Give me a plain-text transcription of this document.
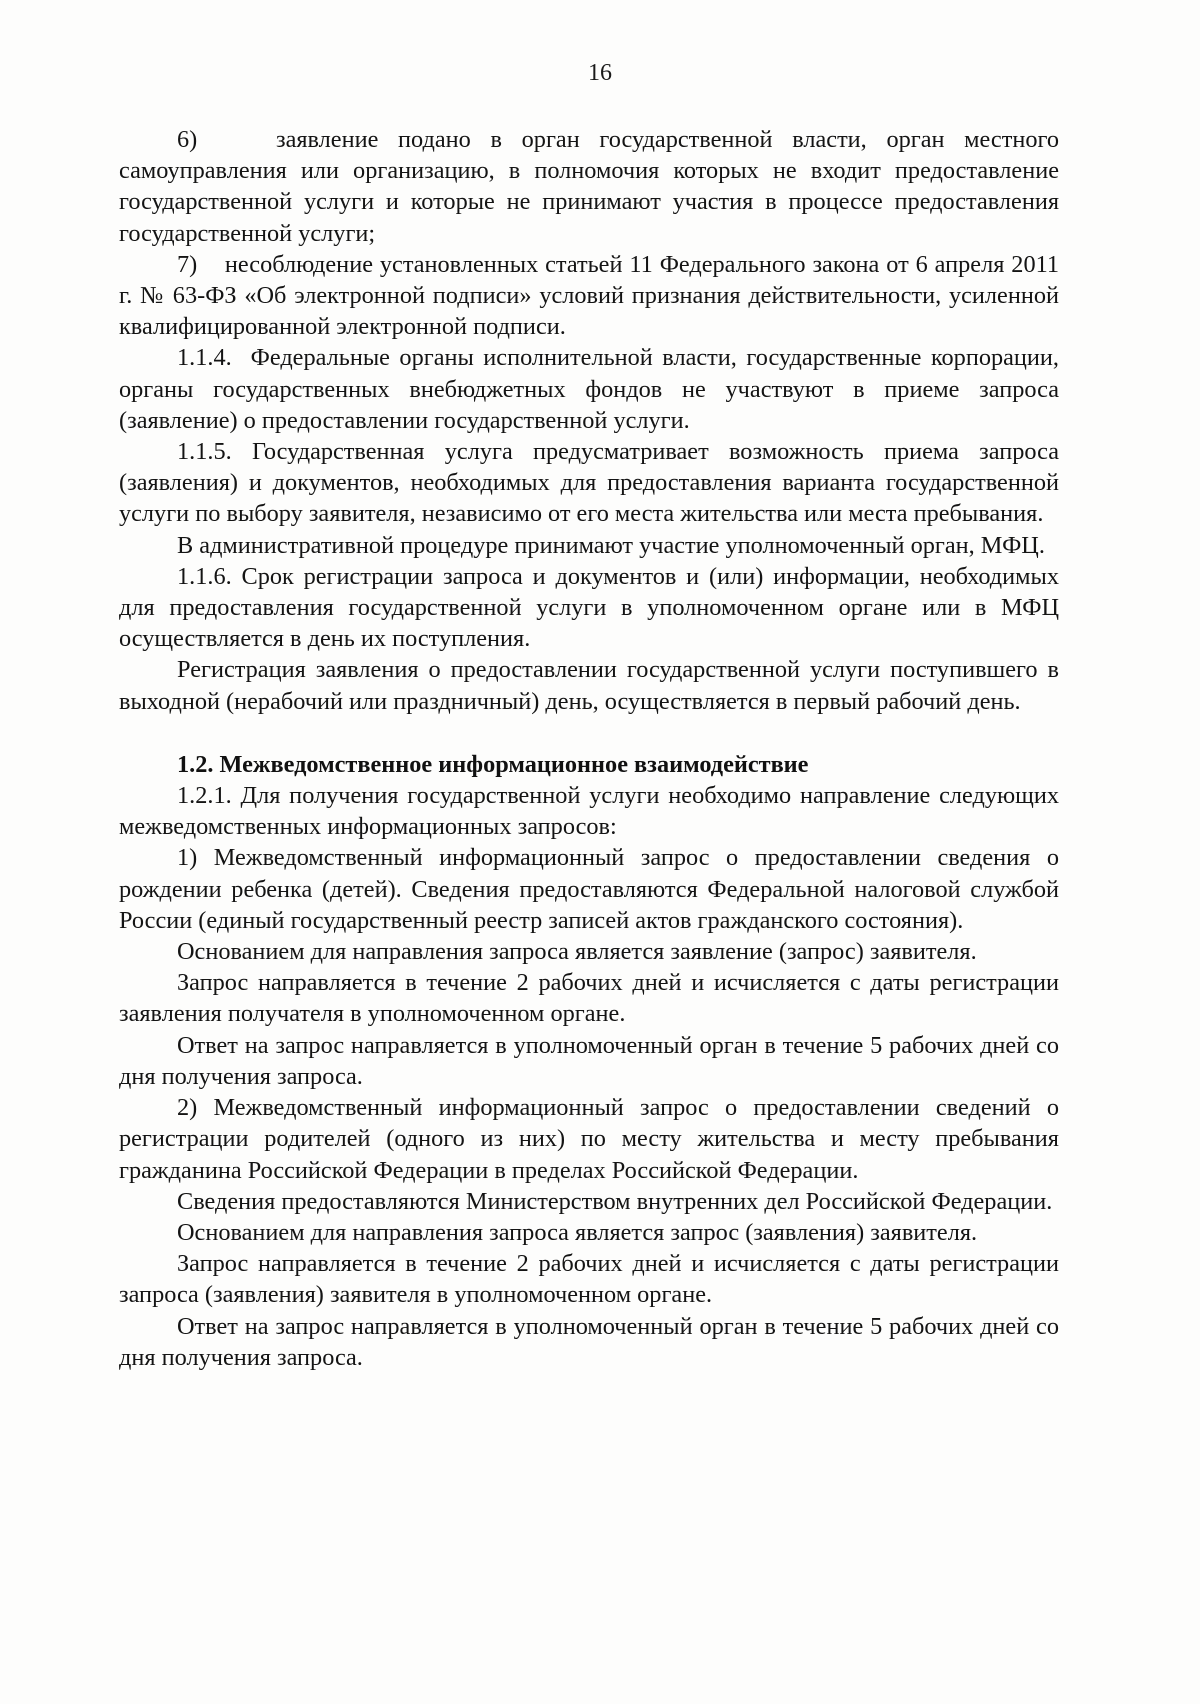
16

6)    заявление подано в орган государственной власти, орган местного самоуправления или организацию, в полномочия которых не входит предоставление государственной услуги и которые не принимают участия в процессе предоставления государственной услуги;

7)    несоблюдение установленных статьей 11 Федерального закона от 6 апреля 2011 г. № 63-ФЗ «Об электронной подписи» условий признания действительности, усиленной квалифицированной электронной подписи.

1.1.4.  Федеральные органы исполнительной власти, государственные корпорации, органы государственных внебюджетных фондов не участвуют в приеме запроса (заявление) о предоставлении государственной услуги.

1.1.5. Государственная услуга предусматривает возможность приема запроса (заявления) и документов, необходимых для предоставления варианта государственной услуги по выбору заявителя, независимо от его места жительства или места пребывания.

В административной процедуре принимают участие уполномоченный орган, МФЦ.

1.1.6. Срок регистрации запроса и документов и (или) информации, необходимых для предоставления государственной услуги в уполномоченном органе или в МФЦ осуществляется в день их поступления.

Регистрация заявления о предоставлении государственной услуги поступившего в выходной (нерабочий или праздничный) день, осуществляется в первый рабочий день.

1.2. Межведомственное информационное взаимодействие

1.2.1. Для получения государственной услуги необходимо направление следующих межведомственных информационных запросов:

1) Межведомственный информационный запрос о предоставлении сведения о рождении ребенка (детей). Сведения предоставляются Федеральной налоговой службой России (единый государственный реестр записей актов гражданского состояния).

Основанием для направления запроса является заявление (запрос) заявителя.

Запрос направляется в течение 2 рабочих дней и исчисляется с даты регистрации заявления получателя в уполномоченном органе.

Ответ на запрос направляется в уполномоченный орган в течение 5 рабочих дней со дня получения запроса.

2) Межведомственный информационный запрос о предоставлении сведений о регистрации родителей (одного из них) по месту жительства и месту пребывания гражданина Российской Федерации в пределах Российской Федерации.

Сведения предоставляются Министерством внутренних дел Российской Федерации.

Основанием для направления запроса является запрос (заявления) заявителя.

Запрос направляется в течение 2 рабочих дней и исчисляется с даты регистрации запроса (заявления) заявителя в уполномоченном органе.

Ответ на запрос направляется в уполномоченный орган в течение 5 рабочих дней со дня получения запроса.
